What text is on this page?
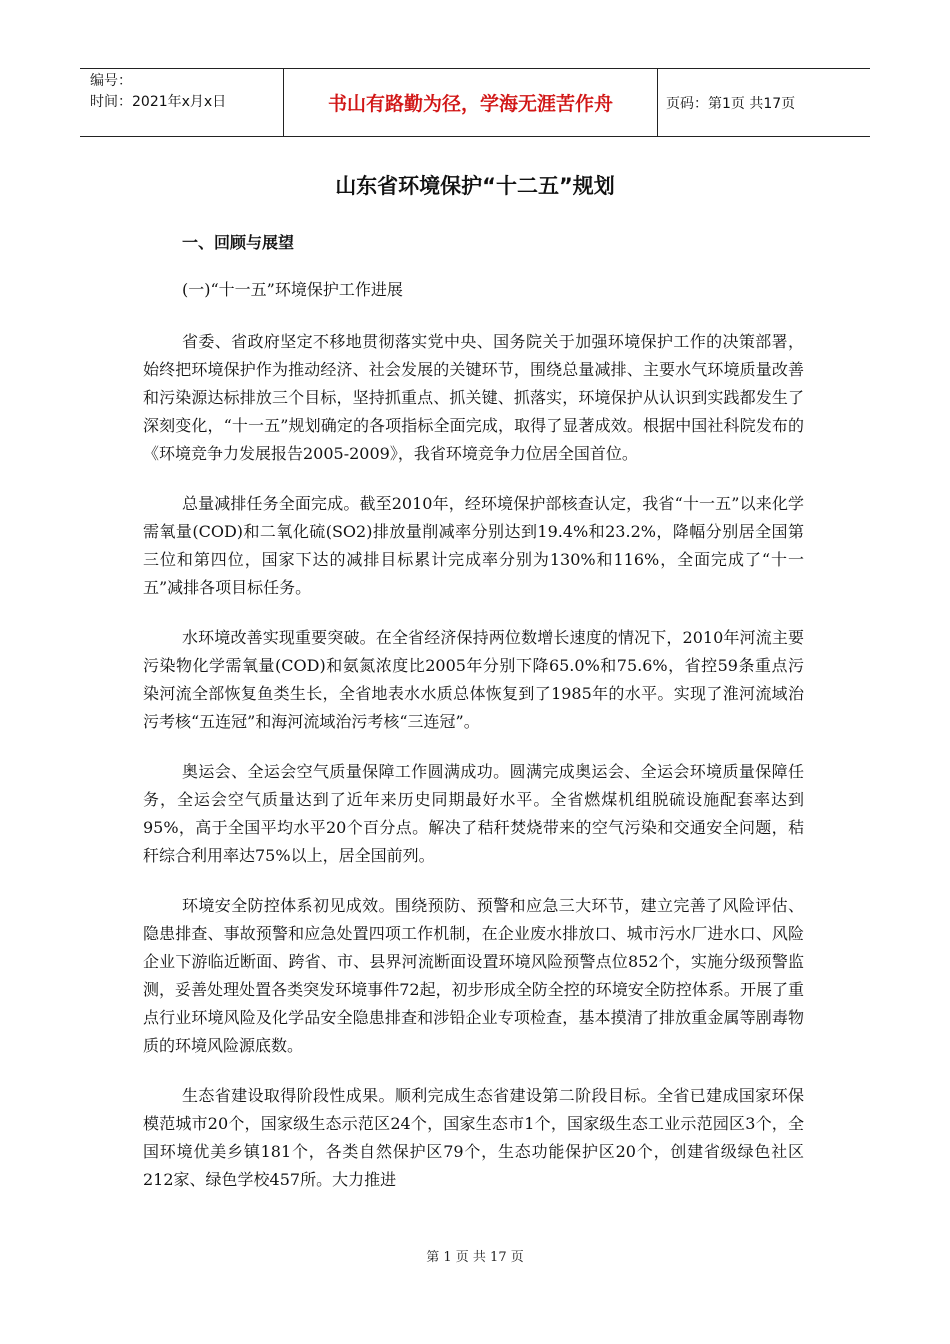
编号：
时间：2021年x月x日	书山有路勤为径，学海无涯苦作舟	页码：第1页 共17页
山东省环境保护“十二五”规划

一、回顾与展望

(一)“十一五”环境保护工作进展

省委、省政府坚定不移地贯彻落实党中央、国务院关于加强环境保护工作的决策部署，始终把环境保护作为推动经济、社会发展的关键环节，围绕总量减排、主要水气环境质量改善和污染源达标排放三个目标，坚持抓重点、抓关键、抓落实，环境保护从认识到实践都发生了深刻变化，“十一五”规划确定的各项指标全面完成，取得了显著成效。根据中国社科院发布的《环境竞争力发展报告2005-2009》，我省环境竞争力位居全国首位。

总量减排任务全面完成。截至2010年，经环境保护部核查认定，我省“十一五”以来化学需氧量(COD)和二氧化硫(SO2)排放量削减率分别达到19.4%和23.2%，降幅分别居全国第三位和第四位，国家下达的减排目标累计完成率分别为130%和116%，全面完成了“十一五”减排各项目标任务。

水环境改善实现重要突破。在全省经济保持两位数增长速度的情况下，2010年河流主要污染物化学需氧量(COD)和氨氮浓度比2005年分别下降65.0%和75.6%，省控59条重点污染河流全部恢复鱼类生长，全省地表水水质总体恢复到了1985年的水平。实现了淮河流域治污考核“五连冠”和海河流域治污考核“三连冠”。

奥运会、全运会空气质量保障工作圆满成功。圆满完成奥运会、全运会环境质量保障任务，全运会空气质量达到了近年来历史同期最好水平。全省燃煤机组脱硫设施配套率达到95%，高于全国平均水平20个百分点。解决了秸秆焚烧带来的空气污染和交通安全问题，秸秆综合利用率达75%以上，居全国前列。

环境安全防控体系初见成效。围绕预防、预警和应急三大环节，建立完善了风险评估、隐患排查、事故预警和应急处置四项工作机制，在企业废水排放口、城市污水厂进水口、风险企业下游临近断面、跨省、市、县界河流断面设置环境风险预警点位852个，实施分级预警监测，妥善处理处置各类突发环境事件72起，初步形成全防全控的环境安全防控体系。开展了重点行业环境风险及化学品安全隐患排查和涉铅企业专项检查，基本摸清了排放重金属等剧毒物质的环境风险源底数。

生态省建设取得阶段性成果。顺利完成生态省建设第二阶段目标。全省已建成国家环保模范城市20个，国家级生态示范区24个，国家生态市1个，国家级生态工业示范园区3个，全国环境优美乡镇181个，各类自然保护区79个，生态功能保护区20个，创建省级绿色社区212家、绿色学校457所。大力推进

第 1 页 共 17 页
